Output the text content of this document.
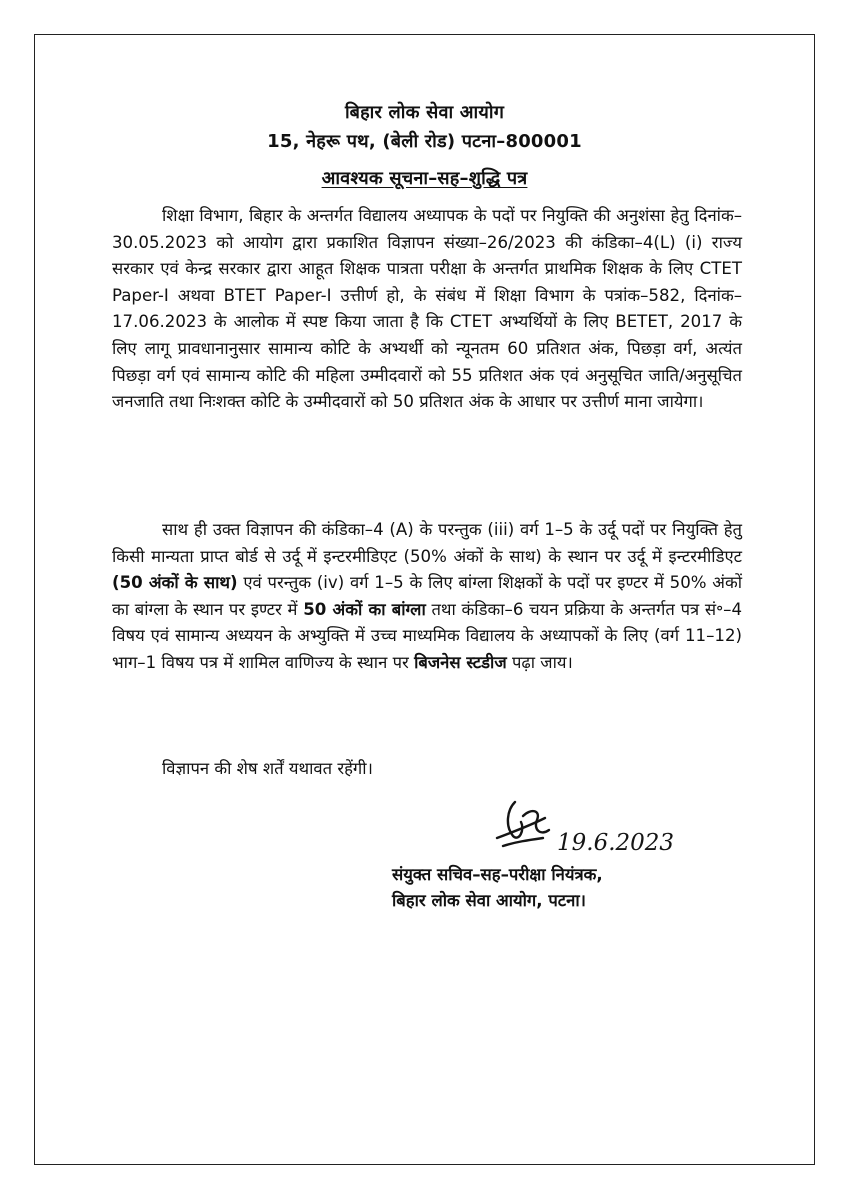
बिहार लोक सेवा आयोग
15, नेहरू पथ, (बेली रोड) पटना–800001
आवश्यक सूचना–सह–शुद्धि पत्र

शिक्षा विभाग, बिहार के अन्तर्गत विद्यालय अध्यापक के पदों पर नियुक्ति की अनुशंसा हेतु दिनांक–30.05.2023 को आयोग द्वारा प्रकाशित विज्ञापन संख्या–26/2023 की कंडिका–4(L) (i) राज्य सरकार एवं केन्द्र सरकार द्वारा आहूत शिक्षक पात्रता परीक्षा के अन्तर्गत प्राथमिक शिक्षक के लिए CTET Paper-I अथवा BTET Paper-I उत्तीर्ण हो, के संबंध में शिक्षा विभाग के पत्रांक–582, दिनांक–17.06.2023 के आलोक में स्पष्ट किया जाता है कि CTET अभ्यर्थियों के लिए BETET, 2017 के लिए लागू प्रावधानानुसार सामान्य कोटि के अभ्यर्थी को न्यूनतम 60 प्रतिशत अंक, पिछड़ा वर्ग, अत्यंत पिछड़ा वर्ग एवं सामान्य कोटि की महिला उम्मीदवारों को 55 प्रतिशत अंक एवं अनुसूचित जाति/अनुसूचित जनजाति तथा निःशक्त कोटि के उम्मीदवारों को 50 प्रतिशत अंक के आधार पर उत्तीर्ण माना जायेगा।

साथ ही उक्त विज्ञापन की कंडिका–4 (A) के परन्तुक (iii) वर्ग 1–5 के उर्दू पदों पर नियुक्ति हेतु किसी मान्यता प्राप्त बोर्ड से उर्दू में इन्टरमीडिएट (50% अंकों के साथ) के स्थान पर उर्दू में इन्टरमीडिएट (50 अंकों के साथ) एवं परन्तुक (iv) वर्ग 1–5 के लिए बांग्ला शिक्षकों के पदों पर इण्टर में 50% अंकों का बांग्ला के स्थान पर इण्टर में 50 अंकों का बांग्ला तथा कंडिका–6 चयन प्रक्रिया के अन्तर्गत पत्र सं॰–4 विषय एवं सामान्य अध्ययन के अभ्युक्ति में उच्च माध्यमिक विद्यालय के अध्यापकों के लिए (वर्ग 11–12) भाग–1 विषय पत्र में शामिल वाणिज्य के स्थान पर बिजनेस स्टडीज पढ़ा जाय।

विज्ञापन की शेष शर्तें यथावत रहेंगी।

19.6.2023
संयुक्त सचिव–सह–परीक्षा नियंत्रक,
बिहार लोक सेवा आयोग, पटना।
